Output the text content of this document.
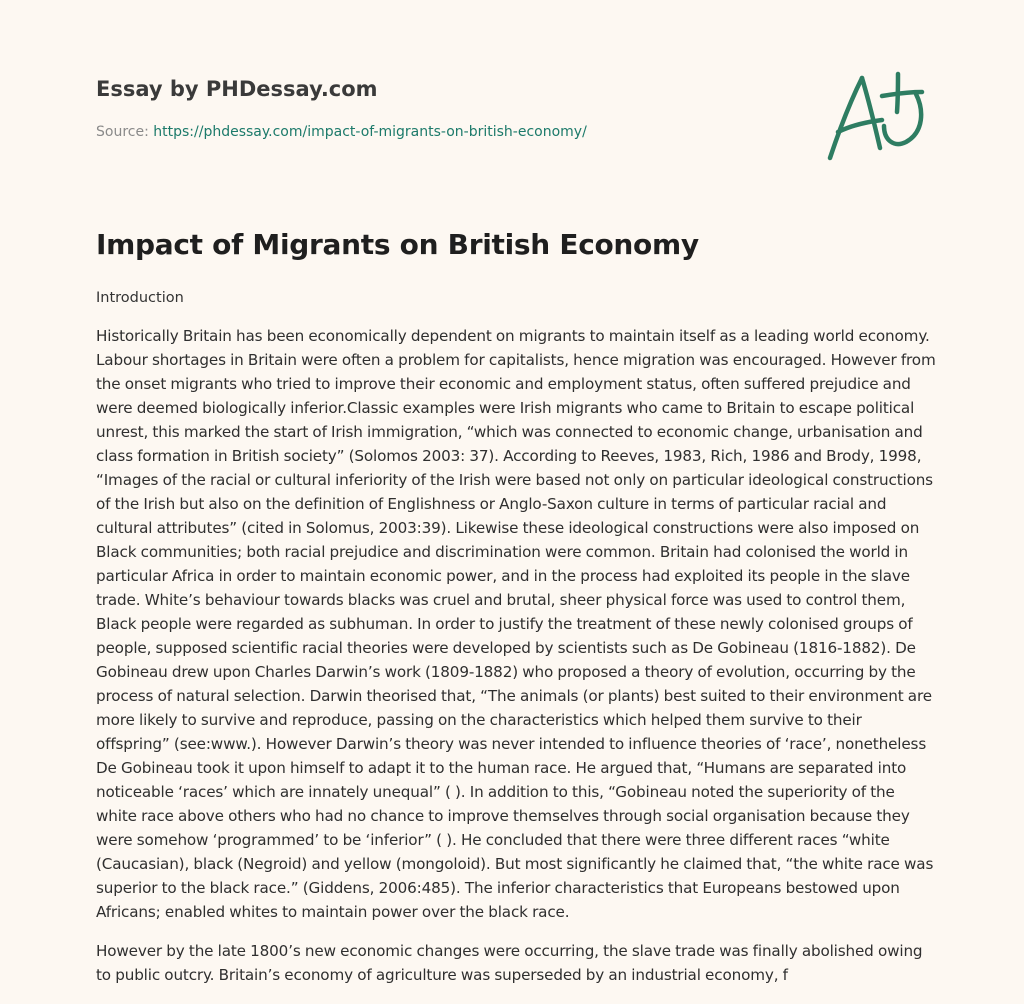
Essay by PHDessay.com
Source: https://phdessay.com/impact-of-migrants-on-british-economy/
Impact of Migrants on British Economy
Introduction

Historically Britain has been economically dependent on migrants to maintain itself as a leading world economy. Labour shortages in Britain were often a problem for capitalists, hence migration was encouraged. However from the onset migrants who tried to improve their economic and employment status, often suffered prejudice and were deemed biologically inferior.Classic examples were Irish migrants who came to Britain to escape political unrest, this marked the start of Irish immigration, “which was connected to economic change, urbanisation and class formation in British society” (Solomos 2003: 37). According to Reeves, 1983, Rich, 1986 and Brody, 1998, “Images of the racial or cultural inferiority of the Irish were based not only on particular ideological constructions of the Irish but also on the definition of Englishness or Anglo-Saxon culture in terms of particular racial and cultural attributes” (cited in Solomus, 2003:39). Likewise these ideological constructions were also imposed on Black communities; both racial prejudice and discrimination were common. Britain had colonised the world in particular Africa in order to maintain economic power, and in the process had exploited its people in the slave trade. White’s behaviour towards blacks was cruel and brutal, sheer physical force was used to control them, Black people were regarded as subhuman. In order to justify the treatment of these newly colonised groups of people, supposed scientific racial theories were developed by scientists such as De Gobineau (1816-1882). De Gobineau drew upon Charles Darwin’s work (1809-1882) who proposed a theory of evolution, occurring by the process of natural selection. Darwin theorised that, “The animals (or plants) best suited to their environment are more likely to survive and reproduce, passing on the characteristics which helped them survive to their offspring” (see:www.). However Darwin’s theory was never intended to influence theories of ‘race’, nonetheless De Gobineau took it upon himself to adapt it to the human race. He argued that, “Humans are separated into noticeable ‘races’ which are innately unequal” ( ). In addition to this, “Gobineau noted the superiority of the white race above others who had no chance to improve themselves through social organisation because they were somehow ‘programmed’ to be ‘inferior” ( ). He concluded that there were three different races “white (Caucasian), black (Negroid) and yellow (mongoloid). But most significantly he claimed that, “the white race was superior to the black race.” (Giddens, 2006:485). The inferior characteristics that Europeans bestowed upon Africans; enabled whites to maintain power over the black race.

However by the late 1800’s new economic changes were occurring, the slave trade was finally abolished owing to public outcry. Britain’s economy of agriculture was superseded by an industrial economy, f
